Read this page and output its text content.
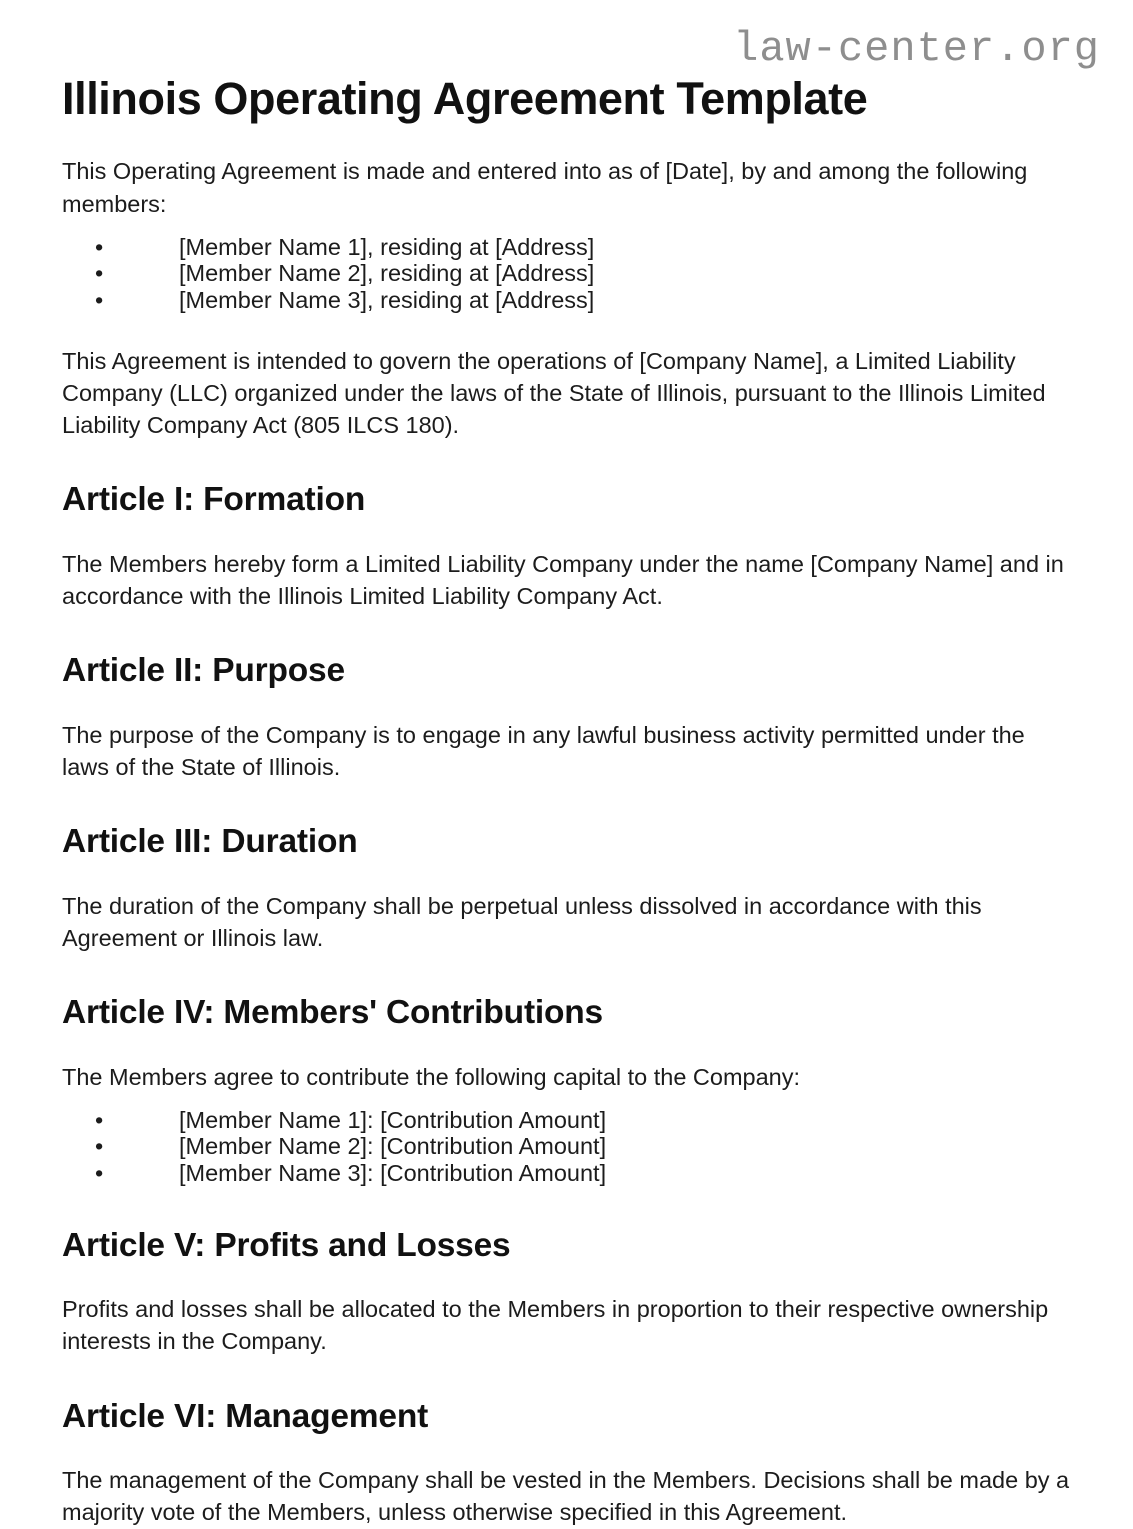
law-center.org
Illinois Operating Agreement Template

This Operating Agreement is made and entered into as of [Date], by and among the following members:

• [Member Name 1], residing at [Address]
• [Member Name 2], residing at [Address]
• [Member Name 3], residing at [Address]

This Agreement is intended to govern the operations of [Company Name], a Limited Liability Company (LLC) organized under the laws of the State of Illinois, pursuant to the Illinois Limited Liability Company Act (805 ILCS 180).

Article I: Formation

The Members hereby form a Limited Liability Company under the name [Company Name] and in accordance with the Illinois Limited Liability Company Act.

Article II: Purpose

The purpose of the Company is to engage in any lawful business activity permitted under the laws of the State of Illinois.

Article III: Duration

The duration of the Company shall be perpetual unless dissolved in accordance with this Agreement or Illinois law.

Article IV: Members' Contributions

The Members agree to contribute the following capital to the Company:

• [Member Name 1]: [Contribution Amount]
• [Member Name 2]: [Contribution Amount]
• [Member Name 3]: [Contribution Amount]
Article V: Profits and Losses

Profits and losses shall be allocated to the Members in proportion to their respective ownership interests in the Company.

Article VI: Management

The management of the Company shall be vested in the Members. Decisions shall be made by a majority vote of the Members, unless otherwise specified in this Agreement.
